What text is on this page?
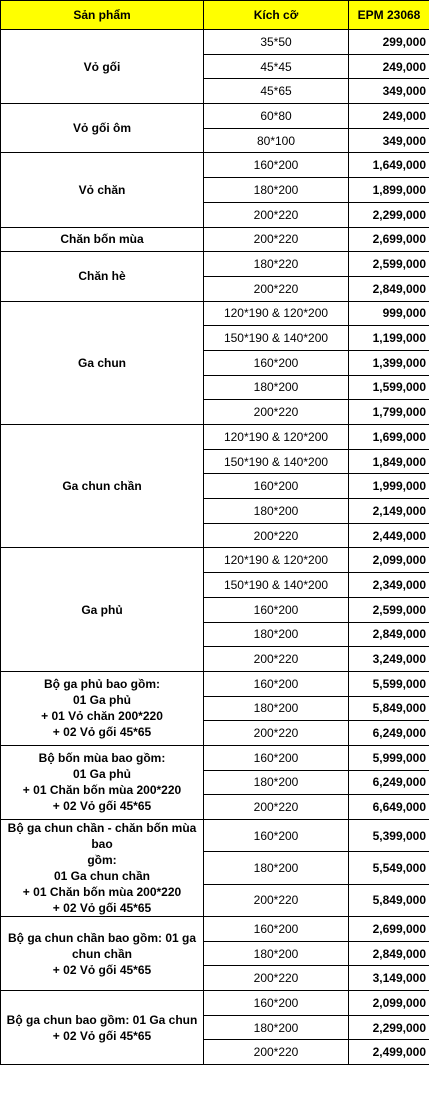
Sản phẩm	Kích cỡ	EPM 23068

Vỏ gối	35*50	299,000
	45*45	249,000
	45*65	349,000

Vỏ gối ôm	60*80	249,000
	80*100	349,000

Vỏ chăn	160*200	1,649,000
	180*200	1,899,000
	200*220	2,299,000

Chăn bốn mùa	200*220	2,699,000

Chăn hè	180*220	2,599,000
	200*220	2,849,000

Ga chun	120*190 & 120*200	999,000
	150*190 & 140*200	1,199,000
	160*200	1,399,000
	180*200	1,599,000
	200*220	1,799,000

Ga chun chần	120*190 & 120*200	1,699,000
	150*190 & 140*200	1,849,000
	160*200	1,999,000
	180*200	2,149,000
	200*220	2,449,000

Ga phủ	120*190 & 120*200	2,099,000
	150*190 & 140*200	2,349,000
	160*200	2,599,000
	180*200	2,849,000
	200*220	3,249,000

Bộ ga phủ bao gồm:
01 Ga phủ
+ 01 Vỏ chăn 200*220
+ 02 Vỏ gối 45*65	160*200	5,599,000
	180*200	5,849,000
	200*220	6,249,000

Bộ bốn mùa bao gồm:
01 Ga phủ
+ 01 Chăn bốn mùa 200*220
+ 02 Vỏ gối 45*65	160*200	5,999,000
	180*200	6,249,000
	200*220	6,649,000

Bộ ga chun chần - chăn bốn mùa bao
gồm:
01 Ga chun chần
+ 01 Chăn bốn mùa 200*220
+ 02 Vỏ gối 45*65	160*200	5,399,000
	180*200	5,549,000
	200*220	5,849,000

Bộ ga chun chần bao gồm: 01 ga
chun chần
+ 02 Vỏ gối 45*65	160*200	2,699,000
	180*200	2,849,000
	200*220	3,149,000

Bộ ga chun bao gồm: 01 Ga chun
+ 02 Vỏ gối 45*65	160*200	2,099,000
	180*200	2,299,000
	200*220	2,499,000
